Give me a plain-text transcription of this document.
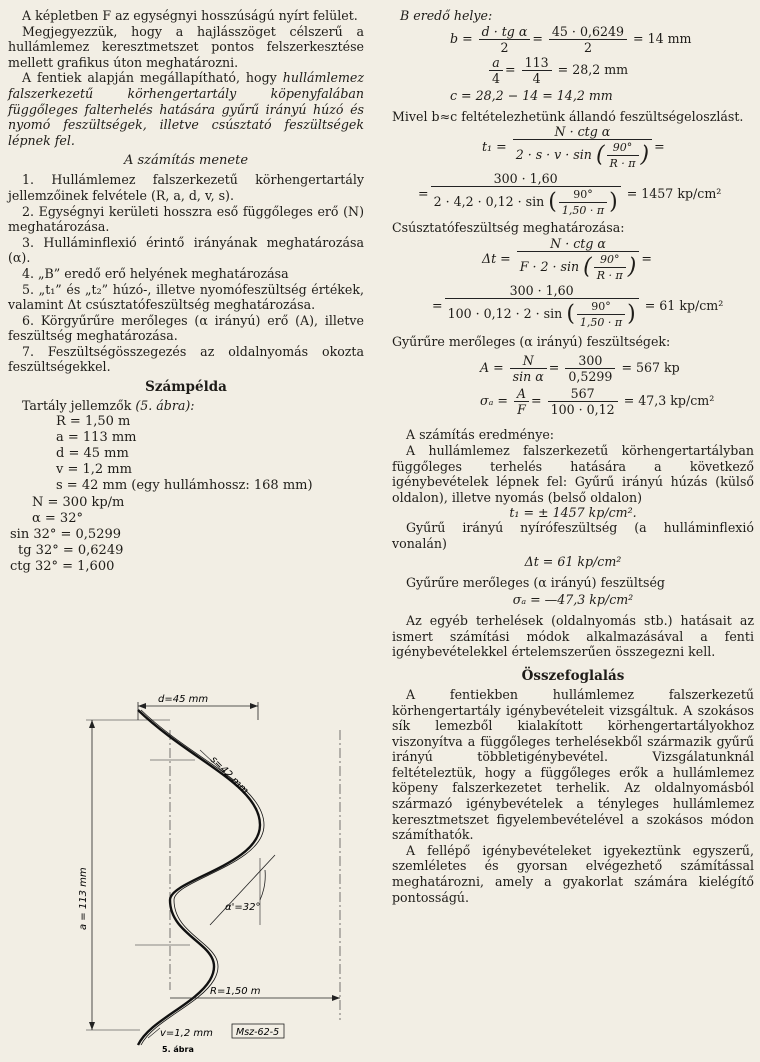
A képletben F az egységnyi hosszúságú nyírt felület.

Megjegyezzük, hogy a hajlásszöget célszerű a hullámlemez keresztmetszet pontos felszerkesztése mellett grafikus úton meghatározni.

A fentiek alapján megállapítható, hogy hullámlemez falszerkezetű körhengertartály köpenyfalában függőleges falterhelés hatására gyűrű irányú húzó és nyomó feszültségek, illetve csúsztató feszültségek lépnek fel.

A számítás menete

1. Hullámlemez falszerkezetű körhengertartály jellemzőinek felvétele (R, a, d, v, s).

2. Egységnyi kerületi hosszra eső függőleges erő (N) meghatározása.

3. Hulláminflexió érintő irányának meghatározása (α).

4. „B” eredő erő helyének meghatározása

5. „t₁” és „t₂” húzó-, illetve nyomófeszültség értékek, valamint Δt csúsztatófeszültség meghatározása.

6. Körgyűrűre merőleges (α irányú) erő (A), illetve feszültség meghatározása.

7. Feszültségösszegezés az oldalnyomás okozta feszültségekkel.

Számpélda

Tartály jellemzők (5. ábra):

R = 1,50 m
a = 113 mm
d = 45 mm
v = 1,2 mm
s = 42 mm (egy hullámhossz: 168 mm)
N = 300 kp/m
α = 32°
sin 32° = 0,5299
tg 32° = 0,6249
ctg 32° = 1,600
d=45 mm
a = 113 mm
s=42 mm
α'=32°
R=1,50 m
v=1,2 mm Msz-62-5
5. ábra

B eredő helye:

$b = \frac{\text{d · tg α}}{2} = \frac{45 \cdot 0,6249}{2} = 14$ mm
$\frac{a}{4} = \frac{113}{4} = 28,2$ mm
c = 28,2 − 14 = 14,2 mm

Mivel b≈c feltételezhetünk állandó feszültségeloszlást.

$t_1 = \frac{\text{N · ctg α}}{2 \cdot s \cdot v \cdot \sin ( \frac{90^\circ}{R \cdot \pi} )}$ =
= $\frac{300 \cdot 1,60}{2 \cdot 4,2 \cdot 0,12 \cdot \sin ( \frac{90^\circ}{1,50 \cdot \pi} )} = 1457$ kp/cm²

Csúsztatófeszültség meghatározása:

$\Delta t = \frac{\text{N · ctg α}}{F \cdot 2 \cdot \sin ( \frac{90^\circ}{R \cdot \pi} )}$ =
= $\frac{300 \cdot 1,60}{100 \cdot 0,12 \cdot 2 \cdot \sin ( \frac{90^\circ}{1,50 \cdot \pi} )} = 61$ kp/cm²

Gyűrűre merőleges (α irányú) feszültségek:

$A = \frac{N}{\text{sin α}} = \frac{300}{0,5299} = 567$ kp
$\sigma_a = \frac{A}{F} = \frac{567}{100 \cdot 0,12} = 47,3$ kp/cm²

A számítás eredménye:

A hullámlemez falszerkezetű körhengertartályban függőleges terhelés hatására a következő igénybevételek lépnek fel: Gyűrű irányú húzás (külső oldalon), illetve nyomás (belső oldalon)

t₁ = ± 1457 kp/cm².

Gyűrű irányú nyírófeszültség (a hulláminflexió vonalán)

Δt = 61 kp/cm²

Gyűrűre merőleges (α irányú) feszültség

σₐ = —47,3 kp/cm²

Az egyéb terhelések (oldalnyomás stb.) hatásait az ismert számítási módok alkalmazásával a fenti igénybevételekkel értelemszerűen összegezni kell.

Összefoglalás

A fentiekben hullámlemez falszerkezetű körhengertartály igénybevételeit vizsgáltuk. A szokásos sík lemezből kialakított körhengertartályokhoz viszonyítva a függőleges terhelésekből származik gyűrű irányú többletigénybevétel. Vizsgálatunknál feltételeztük, hogy a függőleges erők a hullámlemez köpeny falszerkezetet terhelik. Az oldalnyomásból származó igénybevételek a tényleges hullámlemez keresztmetszet figyelembevételével a szokásos módon számíthatók.

A fellépő igénybevételeket igyekeztünk egyszerű, szemléletes és gyorsan elvégezhető számítással meghatározni, amely a gyakorlat számára kielégítő pontosságú.
